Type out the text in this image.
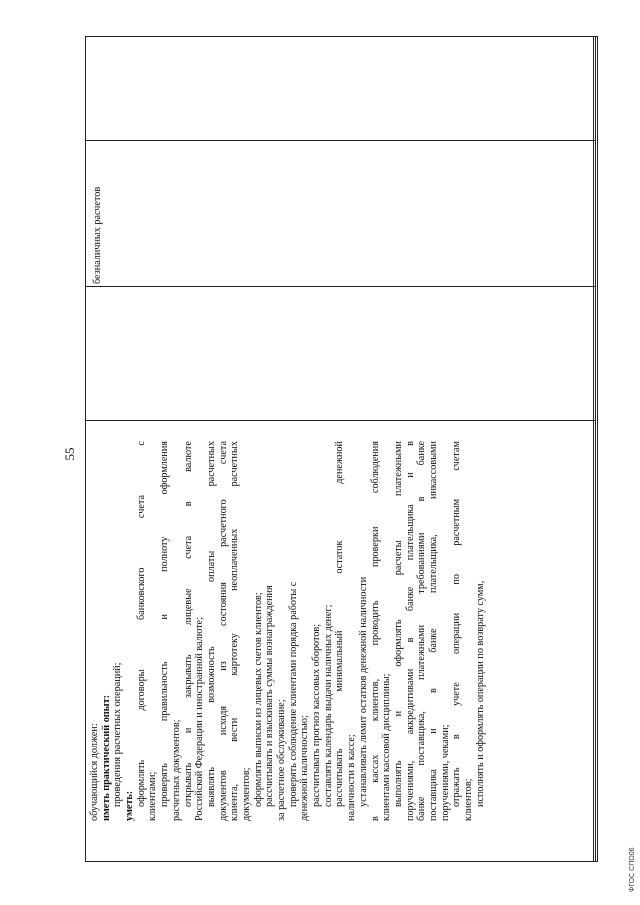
55
обучающийся должен: иметь практический опыт: проведения расчетных операций; уметь: оформлять
договоры
банковского
счета
с
клиентами; проверять
правильность
и
полноту
оформления
расчетных документов; открывать
и
закрывать
лицевые
счета
в
валюте
Российской Федерации и иностранной валюте; выявлять
возможность
оплаты
расчетных
документов
исходя
из
состояния
расчетного
счета
клиента,
вести
картотеку
неоплаченных
расчетных
документов; оформлять выписки из лицевых счетов клиентов; рассчитывать и взыскивать суммы вознаграждения за расчетное обслуживание; проверять соблюдение клиентами порядка работы с денежной наличностью; рассчитывать прогноз кассовых оборотов; составлять календарь выдачи наличных денег; рассчитывать
минимальный
остаток
денежной
наличности в кассе; устанавливать лимит остатков денежной наличности
в
кассах
клиентов,
проводить
проверки
соблюдения
клиентами кассовой дисциплины; выполнять
и
оформлять
расчеты
платежными
поручениями,
аккредитивами
в
банке
плательщика
и
в
банке
поставщика,
платежными
требованиями
в
банке
поставщика
и
в
банке
плательщика,
инкассовыми
поручениями, чеками; отражать
в
учете
операции
по
расчетным
счетам
клиентов; исполнять и оформлять операции по возврату сумм,
безналичных расчетов
ФГОС СПО06
